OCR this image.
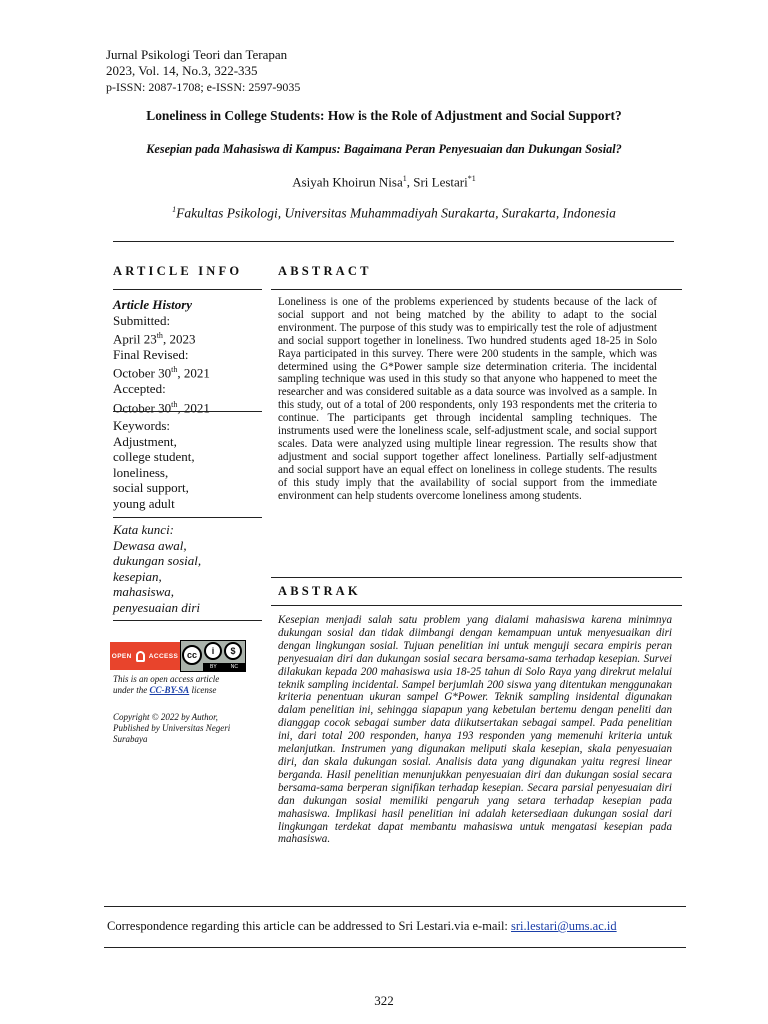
Jurnal Psikologi Teori dan Terapan
2023, Vol. 14, No.3, 322-335
p-ISSN: 2087-1708; e-ISSN: 2597-9035
Loneliness in College Students: How is the Role of Adjustment and Social Support?
Kesepian pada Mahasiswa di Kampus: Bagaimana Peran Penyesuaian dan Dukungan Sosial?
Asiyah Khoirun Nisa$^1$, Sri Lestari$^{*1}$
$^1$Fakultas Psikologi, Universitas Muhammadiyah Surakarta, Surakarta, Indonesia
ARTICLE INFO	ABSTRACT
Article History
Submitted:
April 23th, 2023
Final Revised:
October 30th, 2021
Accepted:
October 30th, 2021
Keywords:
Adjustment,
college student,
loneliness,
social support,
young adult
Kata kunci:
Dewasa awal,
dukungan sosial,
kesepian,
mahasiswa,
penyesuaian diri
OPEN	ACCESS cc	i	$
BY	NC
This is an open access article
under the CC-BY-SA license
Copyright © 2022 by Author,
Published by Universitas Negeri
Surabaya
Loneliness is one of the problems experienced by students because of the lack of social support and not being matched by the ability to adapt to the social environment. The purpose of this study was to empirically test the role of adjustment and social support together in loneliness. Two hundred students aged 18-25 in Solo Raya participated in this survey. There were 200 students in the sample, which was determined using the G*Power sample size determination criteria. The incidental sampling technique was used in this study so that anyone who happened to meet the researcher and was considered suitable as a data source was involved as a sample. In this study, out of a total of 200 respondents, only 193 respondents met the criteria to continue. The participants get through incidental sampling techniques. The instruments used were the loneliness scale, self-adjustment scale, and social support scales. Data were analyzed using multiple linear regression. The results show that adjustment and social support together affect loneliness. Partially self-adjustment and social support have an equal effect on loneliness in college students. The results of this study imply that the availability of social support from the immediate environment can help students overcome loneliness among students.
ABSTRAK
Kesepian menjadi salah satu problem yang dialami mahasiswa karena minimnya dukungan sosial dan tidak diimbangi dengan kemampuan untuk menyesuaikan diri dengan lingkungan sosial. Tujuan penelitian ini untuk menguji secara empiris peran penyesuaian diri dan dukungan sosial secara bersama-sama terhadap kesepian. Survei dilakukan kepada 200 mahasiswa usia 18-25 tahun di Solo Raya yang direkrut melalui teknik sampling incidental. Sampel berjumlah 200 siswa yang ditentukan menggunakan kriteria penentuan ukuran sampel G*Power. Teknik sampling insidental digunakan dalam penelitian ini, sehingga siapapun yang kebetulan bertemu dengan peneliti dan dianggap cocok sebagai sumber data diikutsertakan sebagai sampel. Pada penelitian ini, dari total 200 responden, hanya 193 responden yang memenuhi kriteria untuk melanjutkan. Instrumen yang digunakan meliputi skala kesepian, skala penyesuaian diri, dan skala dukungan sosial. Analisis data yang digunakan yaitu regresi linear berganda. Hasil penelitian menunjukkan penyesuaian diri dan dukungan sosial secara bersama-sama berperan signifikan terhadap kesepian. Secara parsial penyesuaian diri dan dukungan sosial memiliki pengaruh yang setara terhadap kesepian pada mahasiswa. Implikasi hasil penelitian ini adalah ketersediaan dukungan sosial dari lingkungan terdekat dapat membantu mahasiswa untuk mengatasi kesepian pada mahasiswa.
Correspondence regarding this article can be addressed to Sri Lestari.via e-mail: sri.lestari@ums.ac.id
322
